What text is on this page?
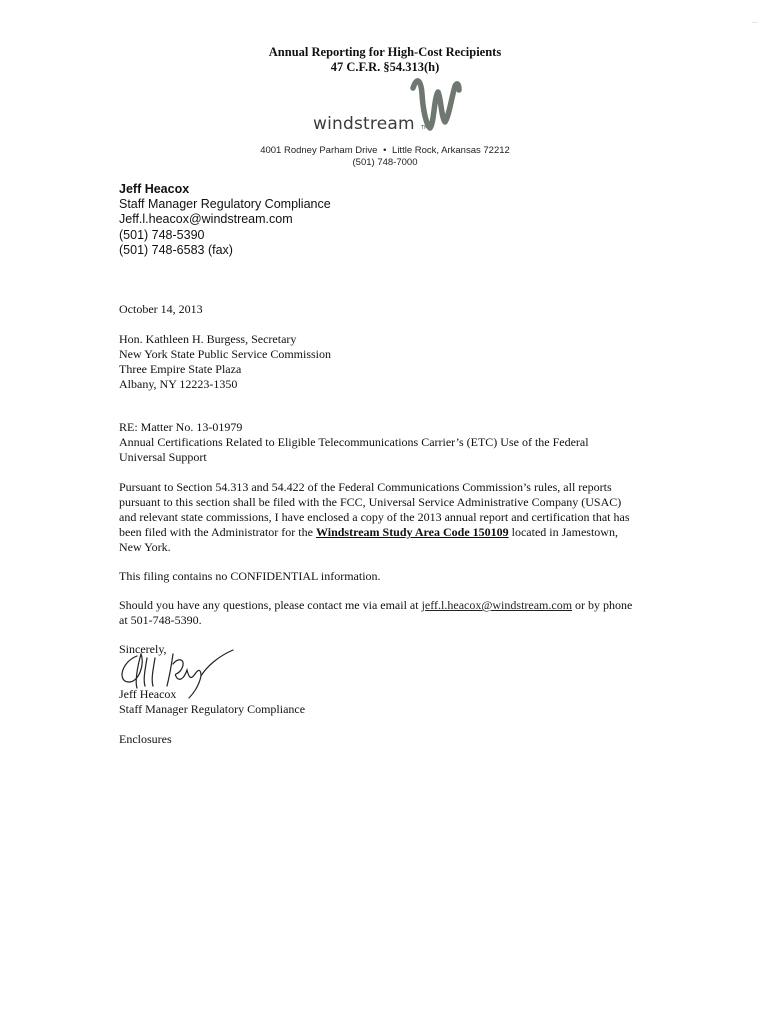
Annual Reporting for High-Cost Recipients
47 C.F.R. §54.313(h)
windstream TM
4001 Rodney Parham Drive • Little Rock, Arkansas 72212
(501) 748-7000
Jeff Heacox
Staff Manager Regulatory Compliance
Jeff.l.heacox@windstream.com
(501) 748-5390
(501) 748-6583 (fax)
October 14, 2013
Hon. Kathleen H. Burgess, Secretary
New York State Public Service Commission
Three Empire State Plaza
Albany, NY 12223-1350
RE: Matter No. 13-01979
Annual Certifications Related to Eligible Telecommunications Carrier’s (ETC) Use of the Federal
Universal Support
Pursuant to Section 54.313 and 54.422 of the Federal Communications Commission’s rules, all reports
pursuant to this section shall be filed with the FCC, Universal Service Administrative Company (USAC)
and relevant state commissions, I have enclosed a copy of the 2013 annual report and certification that has
been filed with the Administrator for the Windstream Study Area Code 150109 located in Jamestown,
New York.
This filing contains no CONFIDENTIAL information.
Should you have any questions, please contact me via email at jeff.l.heacox@windstream.com or by phone
at 501-748-5390.
Sincerely,
Jeff Heacox
Staff Manager Regulatory Compliance
Enclosures
